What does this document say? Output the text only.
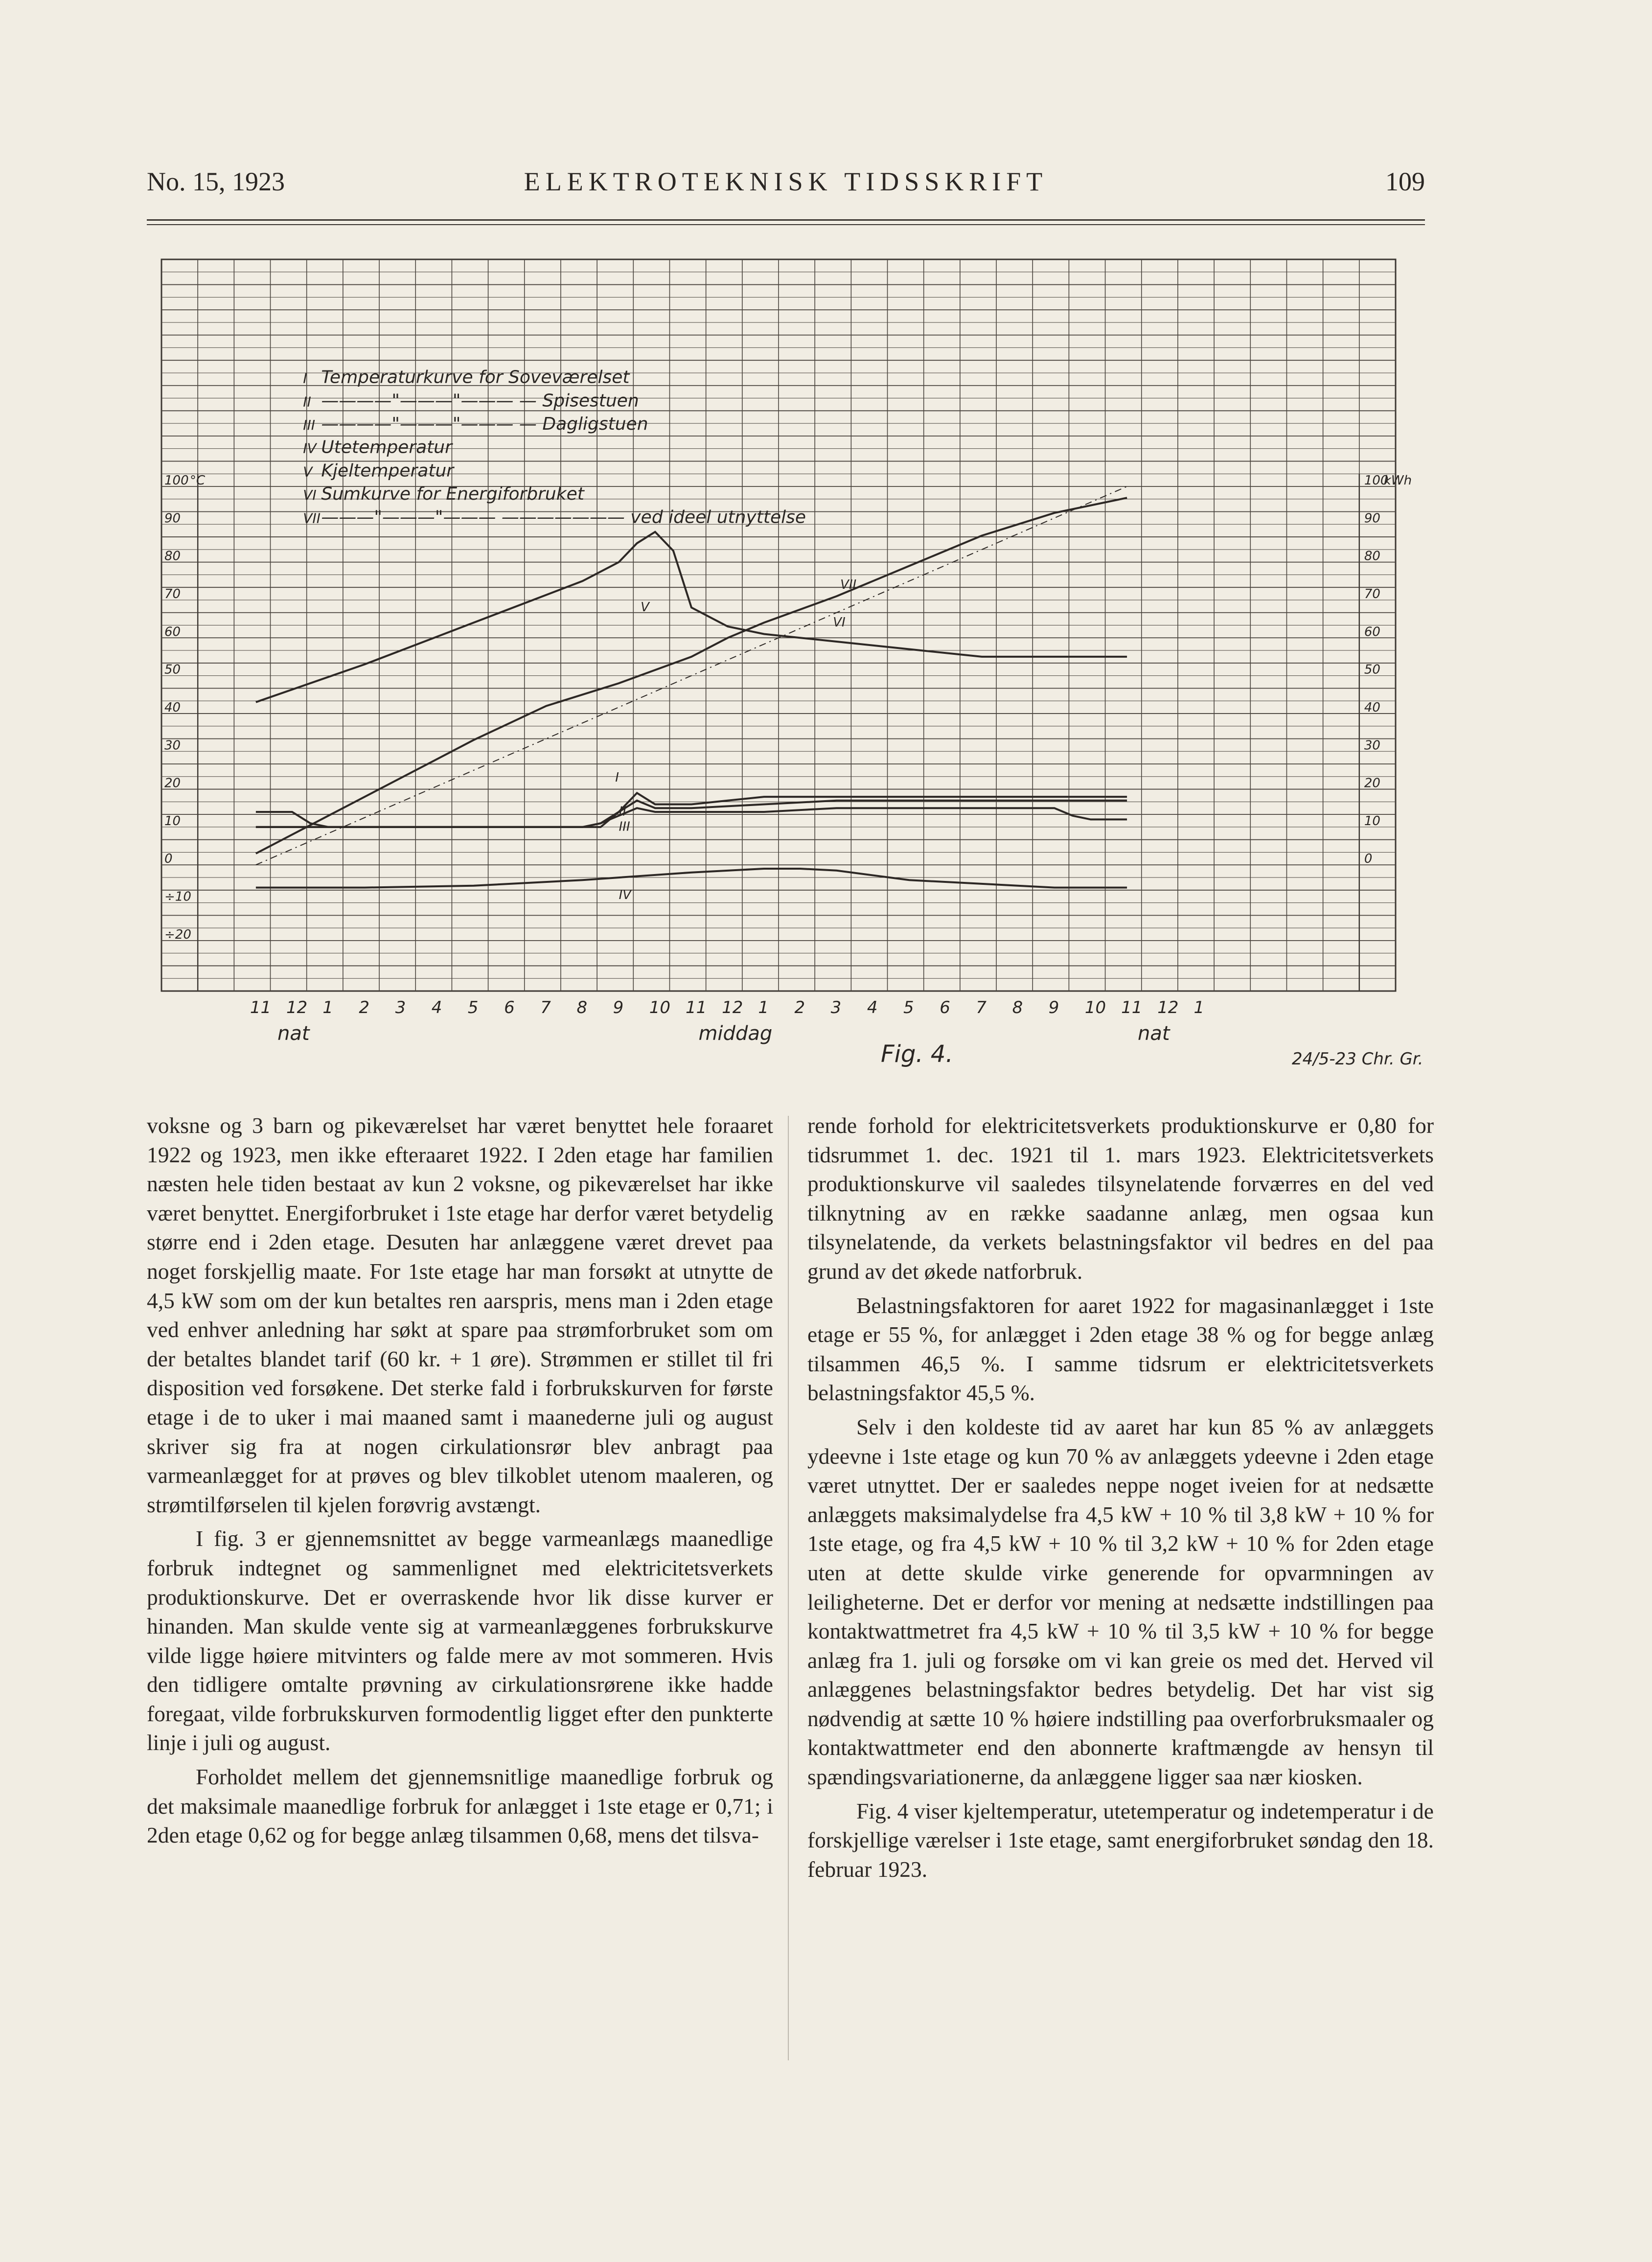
No. 15, 1923	ELEKTROTEKNISK TIDSSKRIFT	109
I Temperaturkurve for Soveværelset
II ————"———"——— — Spisestuen
III ————"———"——— — Dagligstuen
IV Utetemperatur
V Kjeltemperatur
VI Sumkurve for Energiforbruket
VII ———"———"——— ——————— ved ideel utnyttelse
100
90
80
70
60
50
40
30
20
10
0
÷10
÷20
°C	100
90
80
70
60
50
40
30
20
10
0
kWh
I
II
III
IV
V
VI
VII
11 12 1 2 3 4 5 6 7 8 9 10 11 12 1 2 3 4 5 6 7 8 9 10 11 12 1
nat	middag	nat
Fig. 4.	24/5-23 Chr. Gr.

voksne og 3 barn og pikeværelset har været benyttet hele foraaret 1922 og 1923, men ikke efteraaret 1922. I 2den etage har familien næsten hele tiden bestaat av kun 2 voksne, og pikeværelset har ikke været benyttet. Energiforbruket i 1ste etage har derfor været betydelig større end i 2den etage. Desuten har anlæggene været drevet paa noget forskjellig maate. For 1ste etage har man forsøkt at utnytte de 4,5 kW som om der kun betaltes ren aarspris, mens man i 2den etage ved enhver anledning har søkt at spare paa strømforbruket som om der betaltes blandet tarif (60 kr. + 1 øre). Strømmen er stillet til fri disposition ved forsøkene. Det sterke fald i forbrukskurven for første etage i de to uker i mai maaned samt i maanederne juli og august skriver sig fra at nogen cirkulationsrør blev anbragt paa varmeanlægget for at prøves og blev tilkoblet utenom maaleren, og strømtilførselen til kjelen forøvrig avstængt.

I fig. 3 er gjennemsnittet av begge varmeanlægs maanedlige forbruk indtegnet og sammenlignet med elektricitetsverkets produktionskurve. Det er overraskende hvor lik disse kurver er hinanden. Man skulde vente sig at varmeanlæggenes forbrukskurve vilde ligge høiere mitvinters og falde mere av mot sommeren. Hvis den tidligere omtalte prøvning av cirkulationsrørene ikke hadde foregaat, vilde forbrukskurven formodentlig ligget efter den punkterte linje i juli og august.

Forholdet mellem det gjennemsnitlige maanedlige forbruk og det maksimale maanedlige forbruk for anlægget i 1ste etage er 0,71; i 2den etage 0,62 og for begge anlæg tilsammen 0,68, mens det tilsva-

rende forhold for elektricitetsverkets produktionskurve er 0,80 for tidsrummet 1. dec. 1921 til 1. mars 1923. Elektricitetsverkets produktionskurve vil saaledes tilsynelatende forværres en del ved tilknytning av en række saadanne anlæg, men ogsaa kun tilsynelatende, da verkets belastningsfaktor vil bedres en del paa grund av det økede natforbruk.

Belastningsfaktoren for aaret 1922 for magasinanlægget i 1ste etage er 55 %, for anlægget i 2den etage 38 % og for begge anlæg tilsammen 46,5 %. I samme tidsrum er elektricitetsverkets belastningsfaktor 45,5 %.

Selv i den koldeste tid av aaret har kun 85 % av anlæggets ydeevne i 1ste etage og kun 70 % av anlæggets ydeevne i 2den etage været utnyttet. Der er saaledes neppe noget iveien for at nedsætte anlæggets maksimalydelse fra 4,5 kW + 10 % til 3,8 kW + 10 % for 1ste etage, og fra 4,5 kW + 10 % til 3,2 kW + 10 % for 2den etage uten at dette skulde virke generende for opvarmningen av leiligheterne. Det er derfor vor mening at nedsætte indstillingen paa kontaktwattmetret fra 4,5 kW + 10 % til 3,5 kW + 10 % for begge anlæg fra 1. juli og forsøke om vi kan greie os med det. Herved vil anlæggenes belastningsfaktor bedres betydelig. Det har vist sig nødvendig at sætte 10 % høiere indstilling paa overforbruksmaaler og kontaktwattmeter end den abonnerte kraftmængde av hensyn til spændingsvariationerne, da anlæggene ligger saa nær kiosken.

Fig. 4 viser kjeltemperatur, utetemperatur og indetemperatur i de forskjellige værelser i 1ste etage, samt energiforbruket søndag den 18. februar 1923.
